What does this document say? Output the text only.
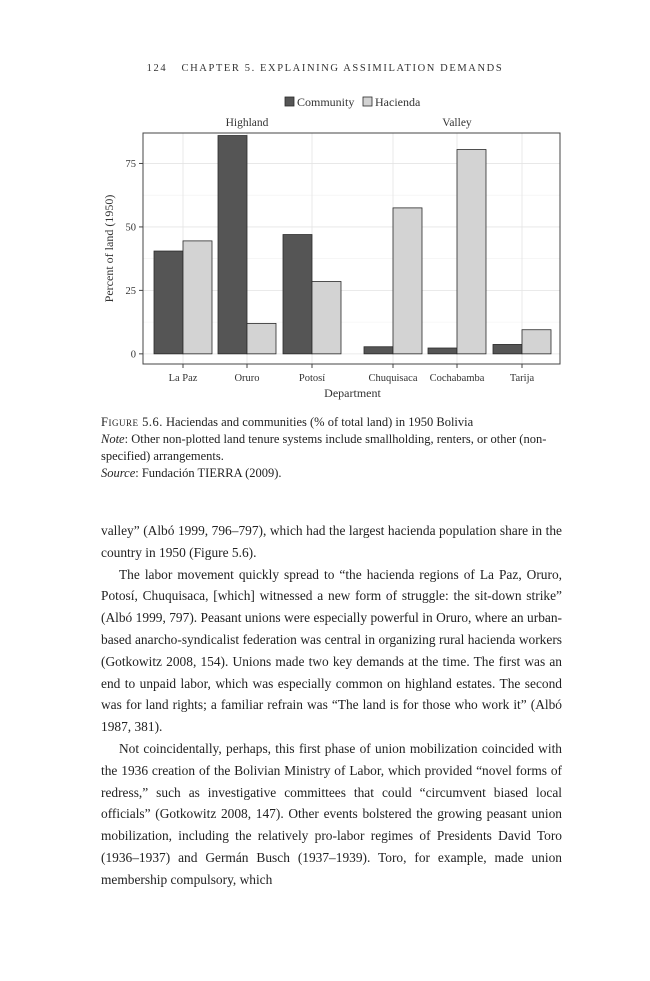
124 CHAPTER 5. EXPLAINING ASSIMILATION DEMANDS
0
25
50
75
La Paz	Oruro	Potosí	Chuquisaca Cochabamba Tarija
Department
Percent of land (1950)
Highland	Valley
Community Hacienda
Figure 5.6. Haciendas and communities (% of total land) in 1950 Bolivia
Note: Other non-plotted land tenure systems include smallholding, renters, or other (non-specified) arrangements.
Source: Fundación TIERRA (2009).

valley” (Albó 1999, 796–797), which had the largest hacienda population share in the country in 1950 (Figure 5.6).

The labor movement quickly spread to “the hacienda regions of La Paz, Oruro, Potosí, Chuquisaca, [which] witnessed a new form of struggle: the sit-down strike” (Albó 1999, 797). Peasant unions were especially powerful in Oruro, where an urban-based anarcho-syndicalist federation was central in organizing rural hacienda workers (Gotkowitz 2008, 154). Unions made two key demands at the time. The first was an end to unpaid labor, which was especially common on highland estates. The second was for land rights; a familiar refrain was “The land is for those who work it” (Albó 1987, 381).

Not coincidentally, perhaps, this first phase of union mobilization coincided with the 1936 creation of the Bolivian Ministry of Labor, which provided “novel forms of redress,” such as investigative committees that could “circumvent biased local officials” (Gotkowitz 2008, 147). Other events bolstered the growing peasant union mobilization, including the relatively pro-labor regimes of Presidents David Toro (1936–1937) and Germán Busch (1937–1939). Toro, for example, made union membership compulsory, which
